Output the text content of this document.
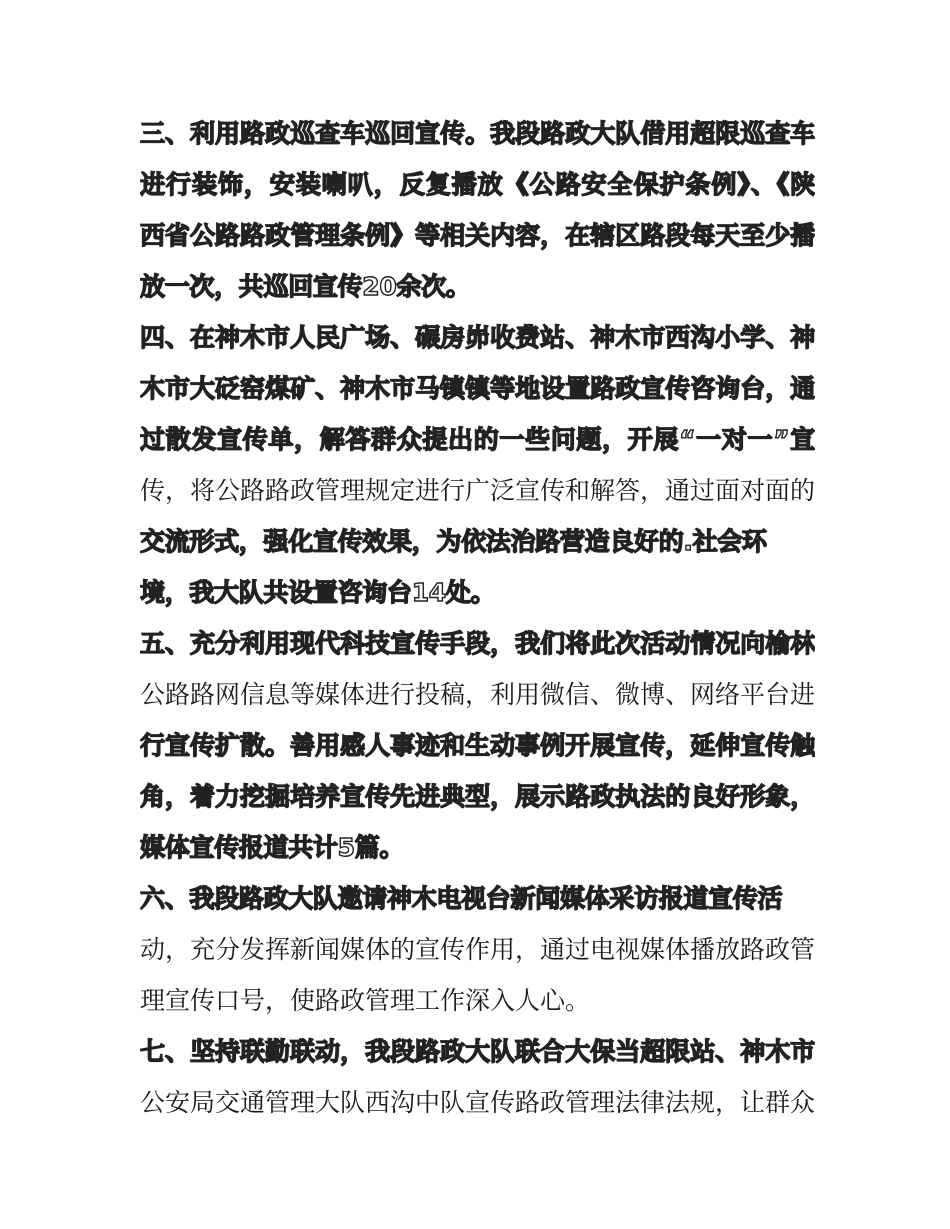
三、利用路政巡查车巡回宣传。我段路政大队借用超限巡查车
进行装饰，安装喇叭，反复播放《公路安全保护条例》、《陕
西省公路路政管理条例》等相关内容，在辖区路段每天至少播
放一次，共巡回宣传20余次。
四、在神木市人民广场、碾房峁收费站、神木市西沟小学、神
木市大砭窑煤矿、神木市马镇镇等地设置路政宣传咨询台，通
过散发宣传单，解答群众提出的一些问题，开展“一对一”宣
传，将公路路政管理规定进行广泛宣传和解答，通过面对面的
交流形式，强化宣传效果，为依法治路营造良好的.社会环
境，我大队共设置咨询台14处。
五、充分利用现代科技宣传手段，我们将此次活动情况向榆林
公路路网信息等媒体进行投稿，利用微信、微博、网络平台进
行宣传扩散。善用感人事迹和生动事例开展宣传，延伸宣传触
角，着力挖掘培养宣传先进典型，展示路政执法的良好形象，
媒体宣传报道共计5篇。
六、我段路政大队邀请神木电视台新闻媒体采访报道宣传活
动，充分发挥新闻媒体的宣传作用，通过电视媒体播放路政管
理宣传口号，使路政管理工作深入人心。
七、坚持联勤联动，我段路政大队联合大保当超限站、神木市
公安局交通管理大队西沟中队宣传路政管理法律法规，让群众
